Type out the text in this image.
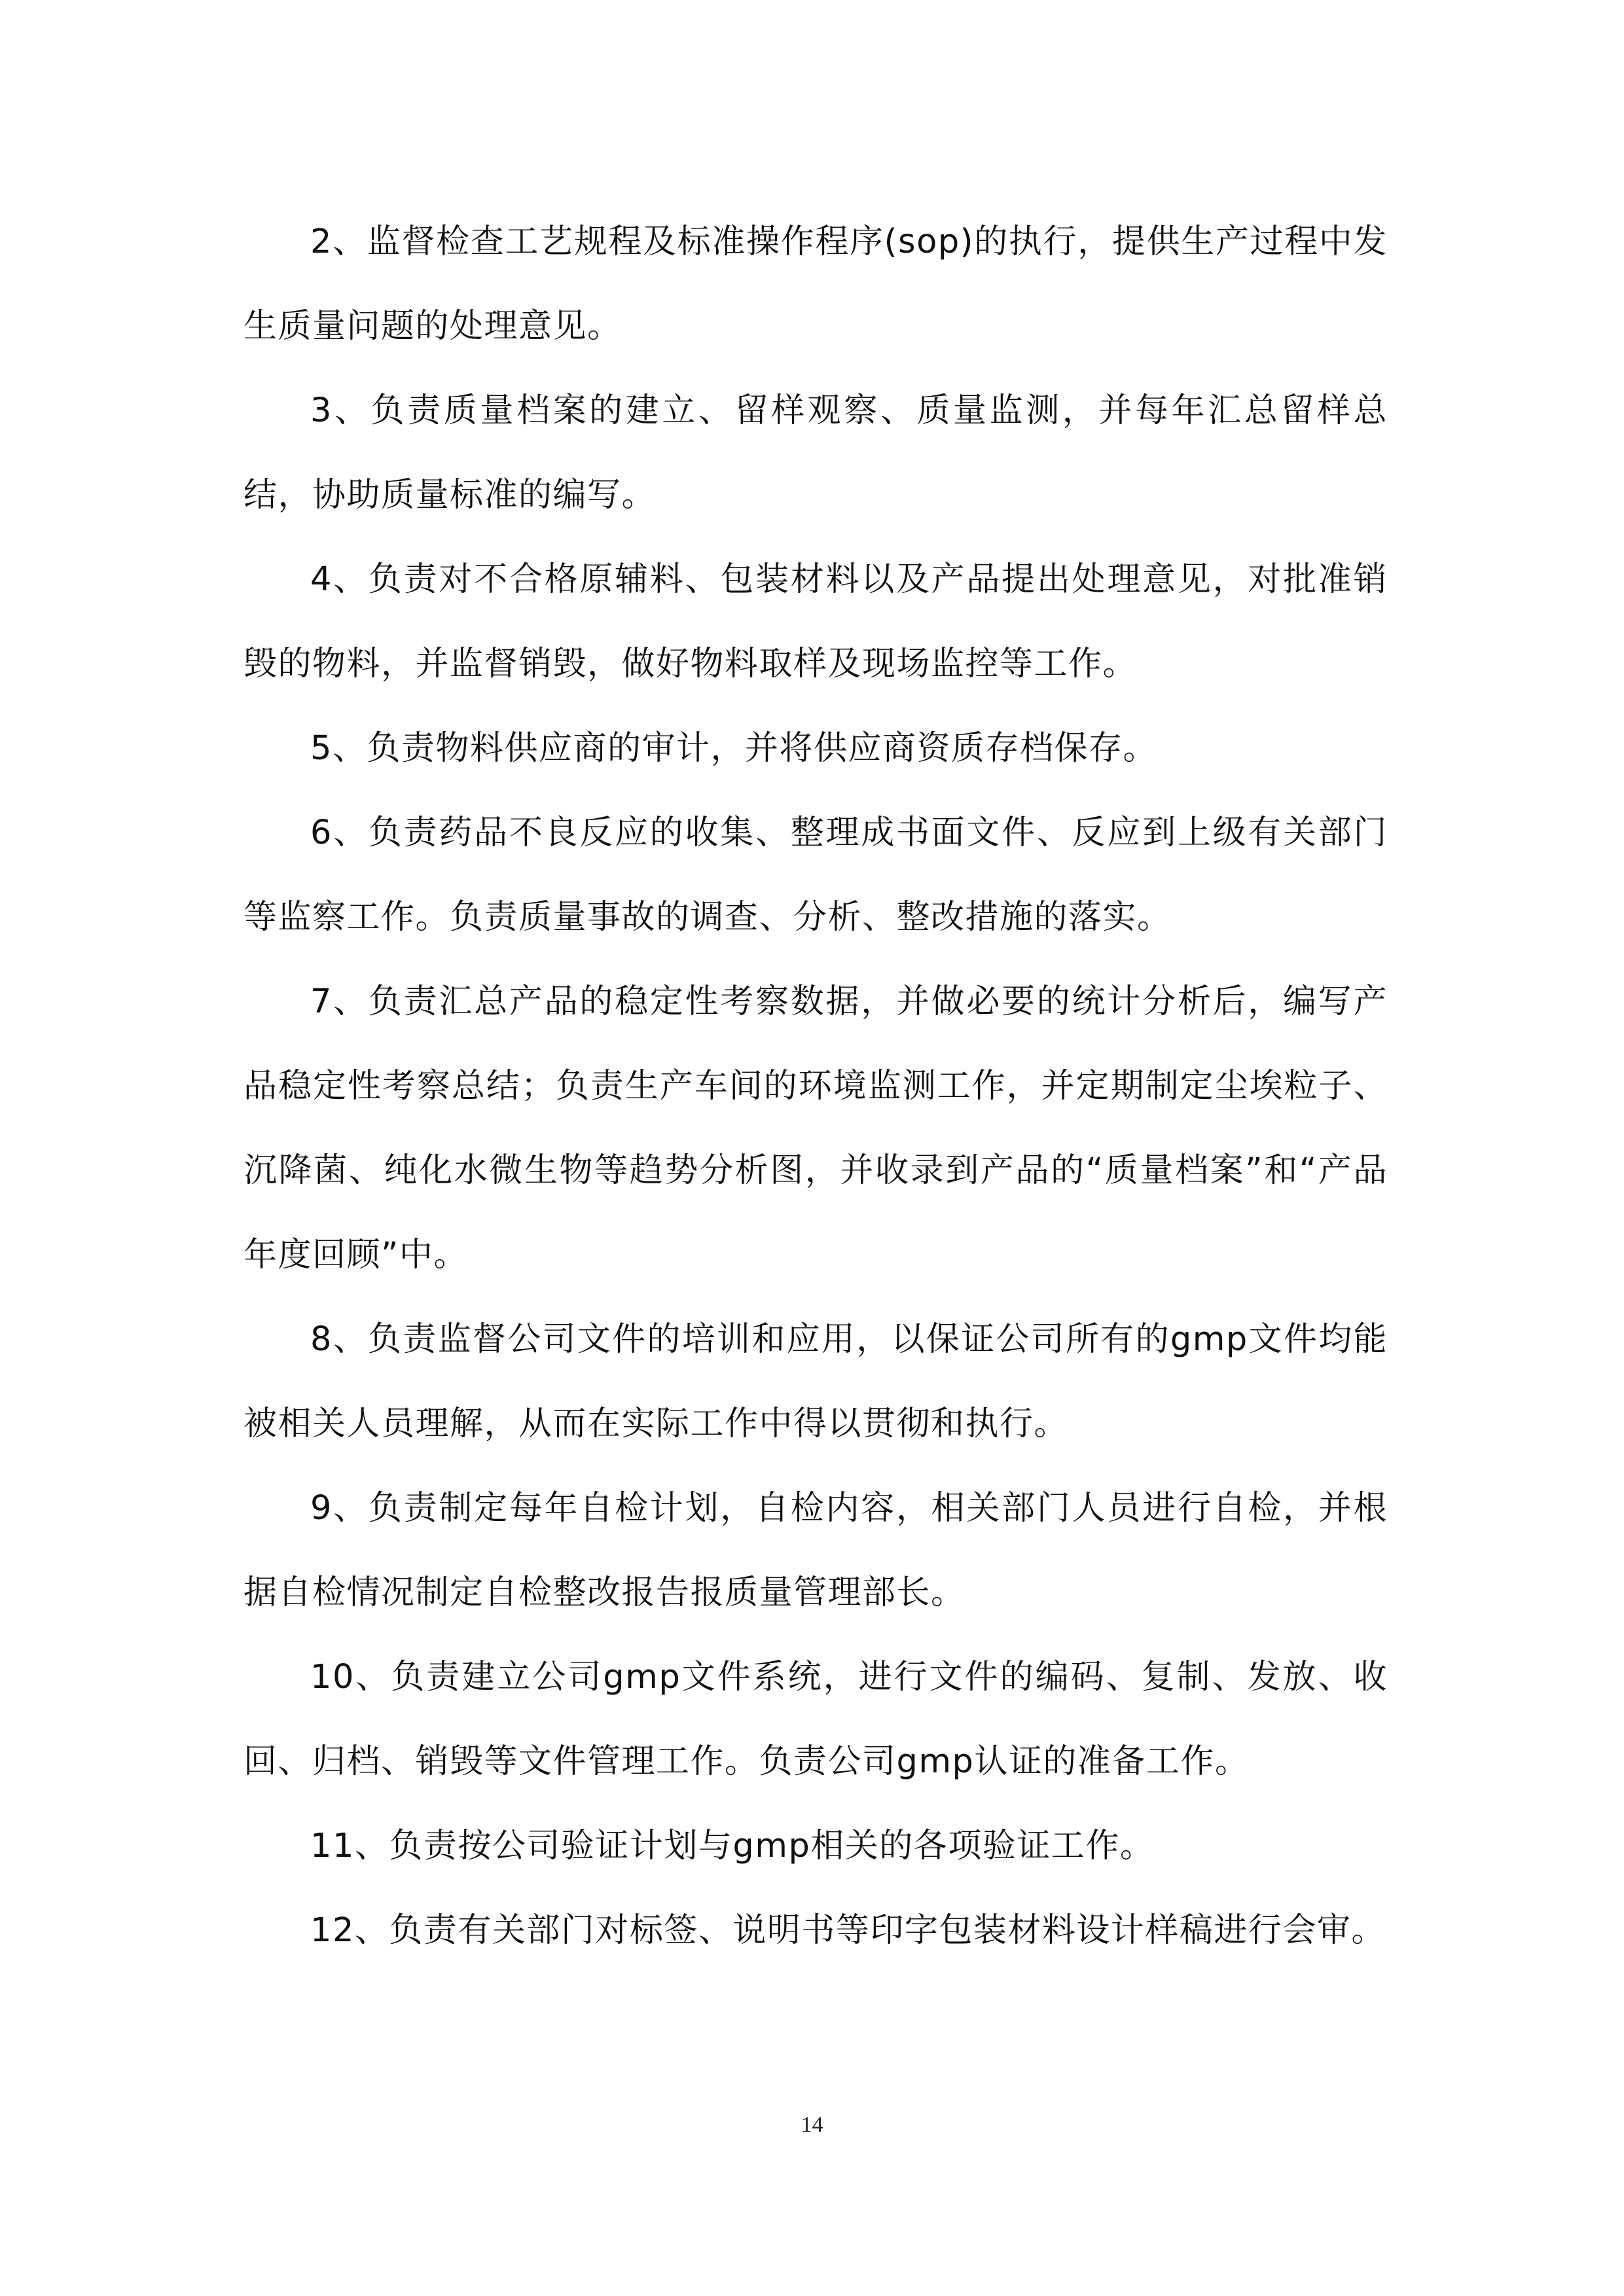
2、监督检查工艺规程及标准操作程序(sop)的执行，提供生产过程中发生质量问题的处理意见。

3、负责质量档案的建立、留样观察、质量监测，并每年汇总留样总结，协助质量标准的编写。

4、负责对不合格原辅料、包装材料以及产品提出处理意见，对批准销毁的物料，并监督销毁，做好物料取样及现场监控等工作。

5、负责物料供应商的审计，并将供应商资质存档保存。

6、负责药品不良反应的收集、整理成书面文件、反应到上级有关部门等监察工作。负责质量事故的调查、分析、整改措施的落实。

7、负责汇总产品的稳定性考察数据，并做必要的统计分析后，编写产品稳定性考察总结；负责生产车间的环境监测工作，并定期制定尘埃粒子、沉降菌、纯化水微生物等趋势分析图，并收录到产品的“质量档案”和“产品年度回顾”中。

8、负责监督公司文件的培训和应用，以保证公司所有的gmp文件均能被相关人员理解，从而在实际工作中得以贯彻和执行。

9、负责制定每年自检计划，自检内容，相关部门人员进行自检，并根据自检情况制定自检整改报告报质量管理部长。

10、负责建立公司gmp文件系统，进行文件的编码、复制、发放、收回、归档、销毁等文件管理工作。负责公司gmp认证的准备工作。

11、负责按公司验证计划与gmp相关的各项验证工作。

12、负责有关部门对标签、说明书等印字包装材料设计样稿进行会审。

14
